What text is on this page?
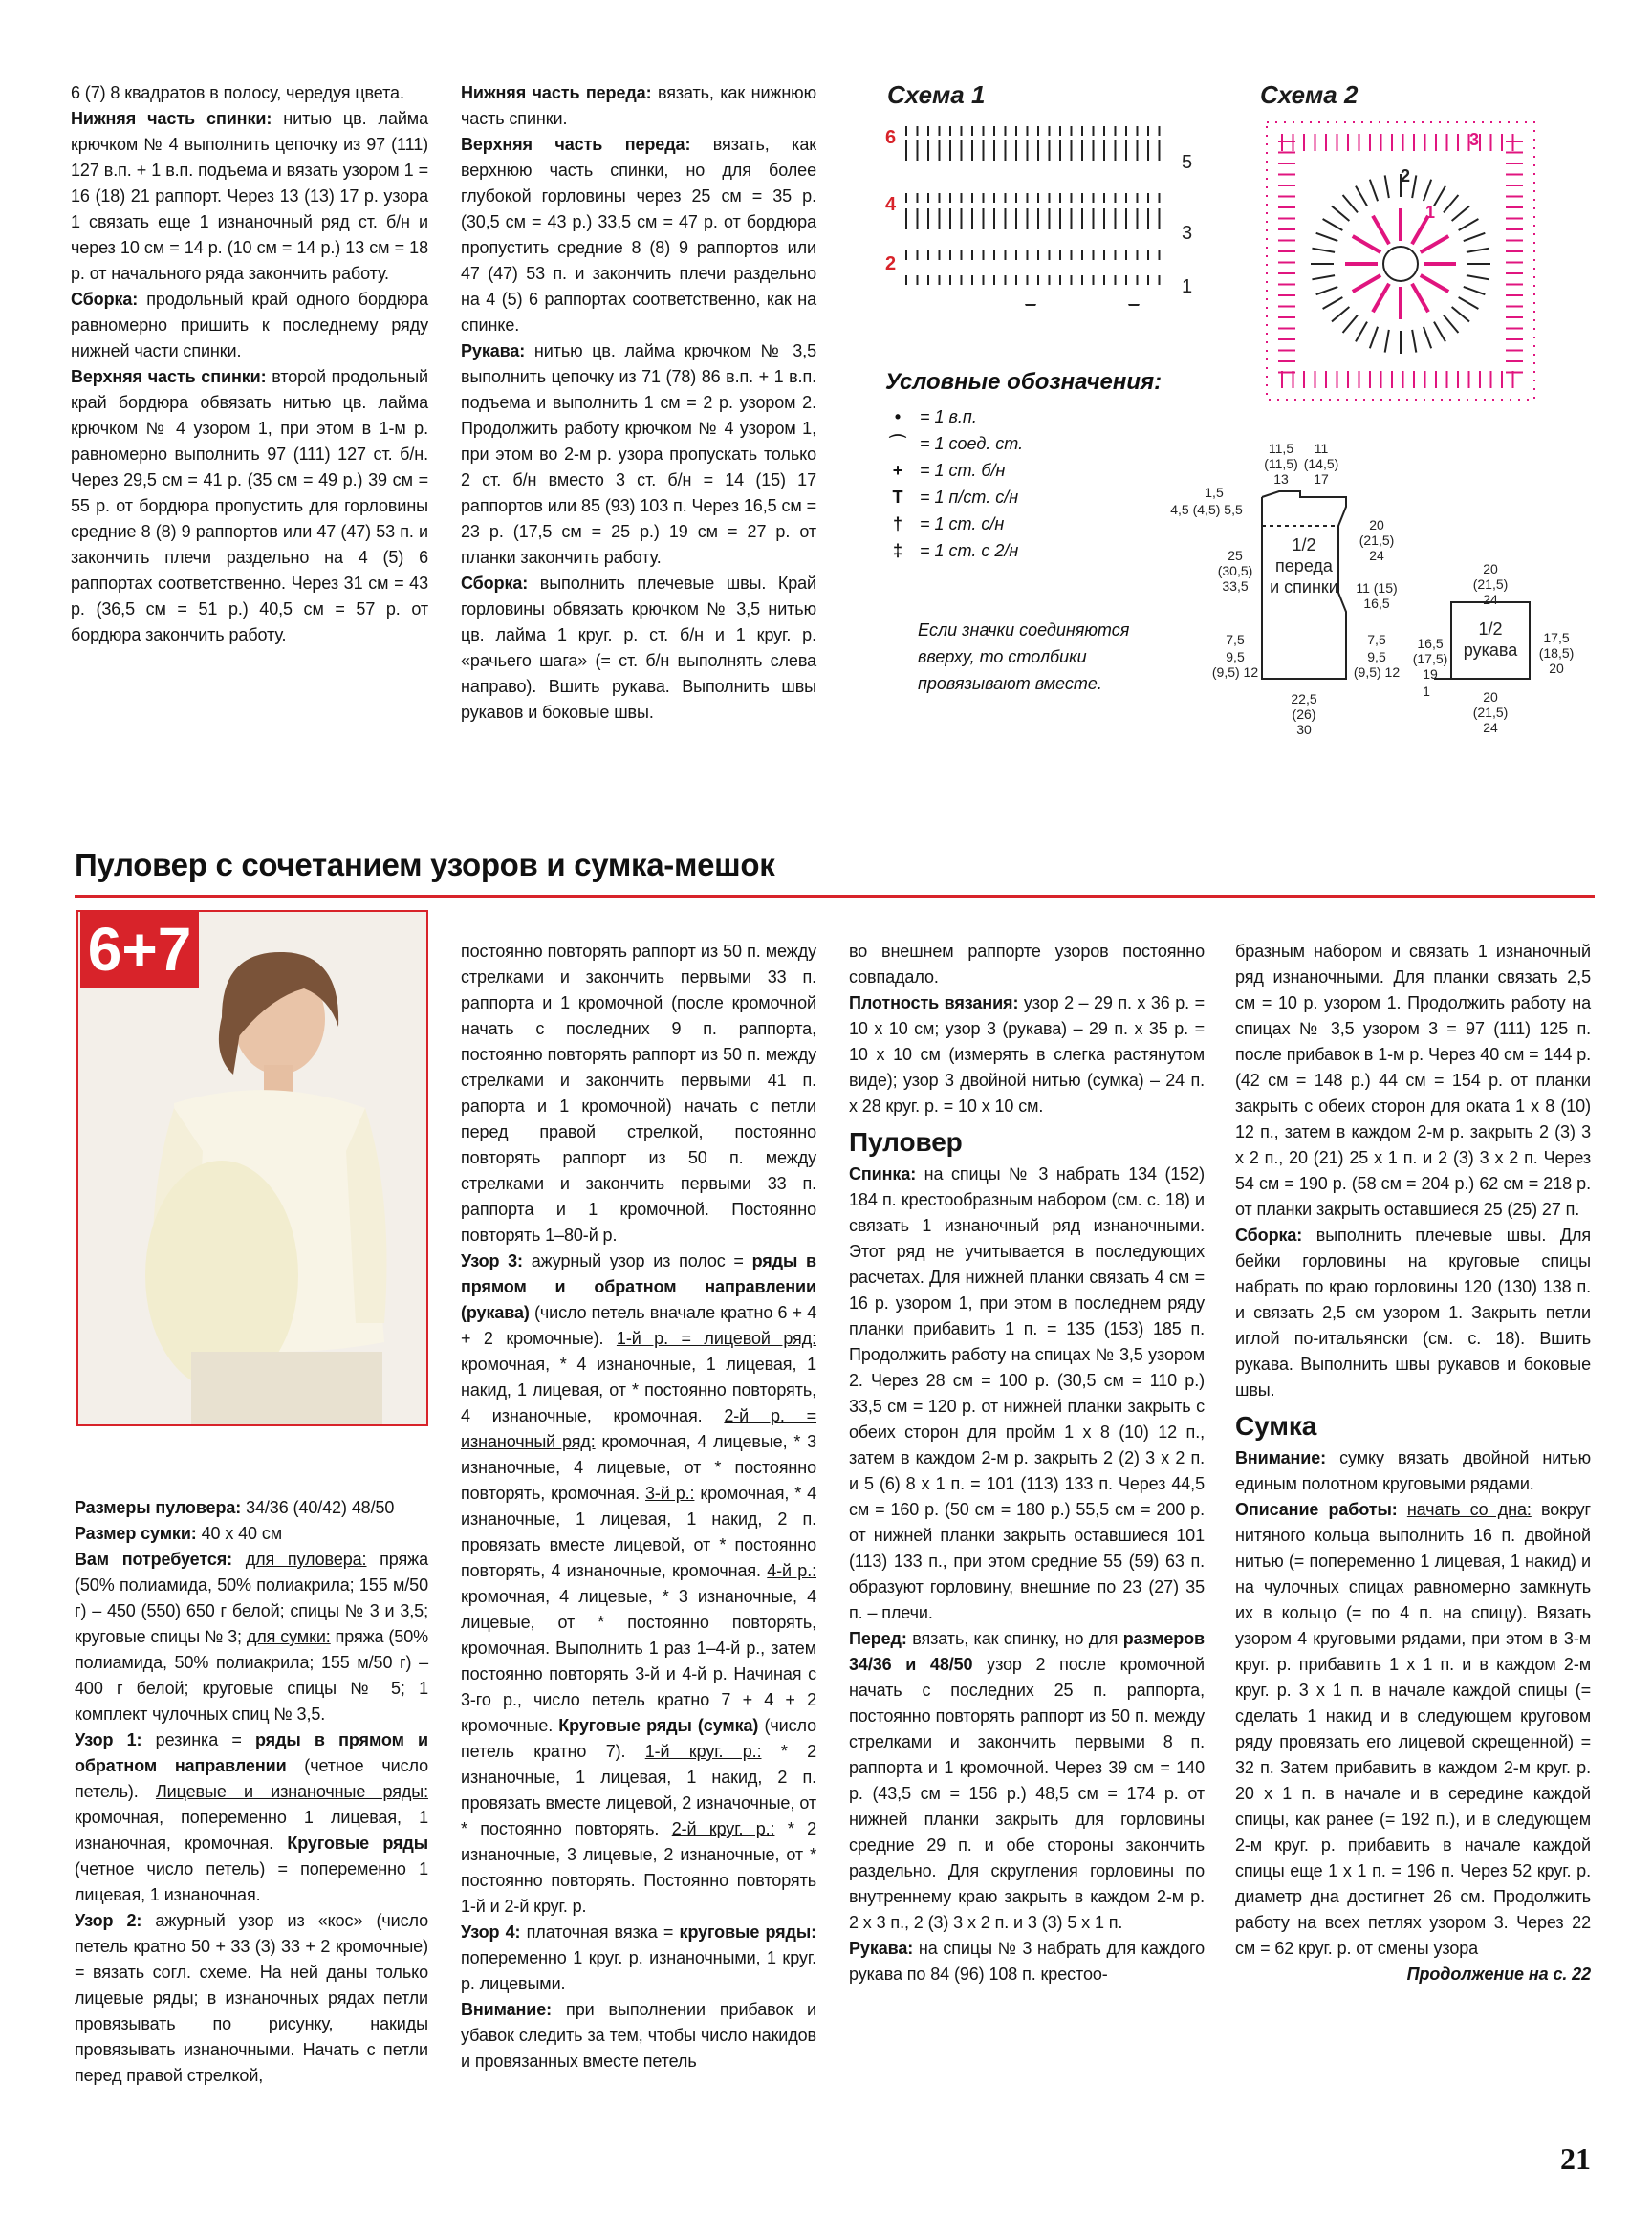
6 (7) 8 квадратов в полосу, чередуя цвета.

Нижняя часть спинки: нитью цв. лайма крючком № 4 выполнить цепочку из 97 (111) 127 в.п. + 1 в.п. подъема и вязать узором 1 = 16 (18) 21 раппорт. Через 13 (13) 17 р. узора 1 связать еще 1 изнаночный ряд ст. б/н и через 10 см = 14 р. (10 см = 14 р.) 13 см = 18 р. от начального ряда закончить работу.

Сборка: продольный край одного бордюра равномерно пришить к последнему ряду нижней части спинки.

Верхняя часть спинки: второй продольный край бордюра обвязать нитью цв. лайма крючком № 4 узором 1, при этом в 1-м р. равномерно выполнить 97 (111) 127 ст. б/н. Через 29,5 см = 41 р. (35 см = 49 р.) 39 см = 55 р. от бордюра пропустить для горловины средние 8 (8) 9 раппортов или 47 (47) 53 п. и закончить плечи раздельно на 4 (5) 6 раппортах соответственно. Через 31 см = 43 р. (36,5 см = 51 р.) 40,5 см = 57 р. от бордюра закончить работу.

Нижняя часть переда: вязать, как нижнюю часть спинки.

Верхняя часть переда: вязать, как верхнюю часть спинки, но для более глубокой горловины через 25 см = 35 р. (30,5 см = 43 р.) 33,5 см = 47 р. от бордюра пропустить средние 8 (8) 9 раппортов или 47 (47) 53 п. и закончить плечи раздельно на 4 (5) 6 раппортах соответственно, как на спинке.

Рукава: нитью цв. лайма крючком № 3,5 выполнить цепочку из 71 (78) 86 в.п. + 1 в.п. подъема и выполнить 1 см = 2 р. узором 2. Продолжить работу крючком № 4 узором 1, при этом во 2-м р. узора пропускать только 2 ст. б/н вместо 3 ст. б/н = 14 (15) 17 раппортов или 85 (93) 103 п. Через 16,5 см = 23 р. (17,5 см = 25 р.) 19 см = 27 р. от планки закончить работу.

Сборка: выполнить плечевые швы. Край горловины обвязать крючком № 3,5 нитью цв. лайма 1 круг. р. ст. б/н и 1 круг. р. «рачьего шага» (= ст. б/н выполнять слева направо). Вшить рукава. Выполнить швы рукавов и боковые швы.

Схема 1
6
4
2
5
3
1
Схема 2
1
2
3
Условные обозначения:
•	= 1 в.п.
⌒ = 1 соед. ст.
+ = 1 ст. б/н
T = 1 п/ст. с/н
†	= 1 ст. с/н
‡	= 1 ст. с 2/н
Если значки соединяются вверху, то столбики провязывают вместе.
1/2
переда
и спинки
1/2
рукава
11,5
(11,5)
13
11
(14,5)
17
1,5
4,5 (4,5) 5,5
20
(21,5)
24
25
(30,5)
33,5	11 (15)
16,5
7,5
9,5
(9,5) 12
7,5
9,5
(9,5) 12
22,5
(26)
30
20
(21,5)
24
16,5
(17,5)
19
1
17,5
(18,5)
20
20
(21,5)
24
Пуловер с сочетанием узоров и сумка-мешок
6+7

Размеры пуловера: 34/36 (40/42) 48/50

Размер сумки: 40 х 40 см

Вам потребуется: для пуловера: пряжа (50% полиамида, 50% полиакрила; 155 м/50 г) – 450 (550) 650 г белой; спицы № 3 и 3,5; круговые спицы № 3; для сумки: пряжа (50% полиамида, 50% полиакрила; 155 м/50 г) – 400 г белой; круговые спицы № 5; 1 комплект чулочных спиц № 3,5.

Узор 1: резинка = ряды в прямом и обратном направлении (четное число петель). Лицевые и изнаночные ряды: кромочная, попеременно 1 лицевая, 1 изнаночная, кромочная. Круговые ряды (четное число петель) = попеременно 1 лицевая, 1 изнаночная.

Узор 2: ажурный узор из «кос» (число петель кратно 50 + 33 (3) 33 + 2 кромочные) = вязать согл. схеме. На ней даны только лицевые ряды; в изнаночных рядах петли провязывать по рисунку, накиды провязывать изнаночными. Начать с петли перед правой стрелкой,

постоянно повторять раппорт из 50 п. между стрелками и закончить первыми 33 п. раппорта и 1 кромочной (после кромочной начать с последних 9 п. раппорта, постоянно повторять раппорт из 50 п. между стрелками и закончить первыми 41 п. рапорта и 1 кромочной) начать с петли перед правой стрелкой, постоянно повторять раппорт из 50 п. между стрелками и закончить первыми 33 п. раппорта и 1 кромочной. Постоянно повторять 1–80-й р.

Узор 3: ажурный узор из полос = ряды в прямом и обратном направлении (рукава) (число петель вначале кратно 6 + 4 + 2 кромочные). 1-й р. = лицевой ряд: кромочная, * 4 изнаночные, 1 лицевая, 1 накид, 1 лицевая, от * постоянно повторять, 4 изнаночные, кромочная. 2-й р. = изнаночный ряд: кромочная, 4 лицевые, * 3 изнаночные, 4 лицевые, от * постоянно повторять, кромочная. 3-й р.: кромочная, * 4 изнаночные, 1 лицевая, 1 накид, 2 п. провязать вместе лицевой, от * постоянно повторять, 4 изнаночные, кромочная. 4-й р.: кромочная, 4 лицевые, * 3 изнаночные, 4 лицевые, от * постоянно повторять, кромочная. Выполнить 1 раз 1–4-й р., затем постоянно повторять 3-й и 4-й р. Начиная с 3-го р., число петель кратно 7 + 4 + 2 кромочные. Круговые ряды (сумка) (число петель кратно 7). 1-й круг. р.: * 2 изнаночные, 1 лицевая, 1 накид, 2 п. провязать вместе лицевой, 2 изначочные, от * постоянно повторять. 2-й круг. р.: * 2 изнаночные, 3 лицевые, 2 изнаночные, от * постоянно повторять. Постоянно повторять 1-й и 2-й круг. р.

Узор 4: платочная вязка = круговые ряды: попеременно 1 круг. р. изнаночными, 1 круг. р. лицевыми.

Внимание: при выполнении прибавок и убавок следить за тем, чтобы число накидов и провязанных вместе петель

во внешнем раппорте узоров постоянно совпадало.

Плотность вязания: узор 2 – 29 п. х 36 р. = 10 х 10 см; узор 3 (рукава) – 29 п. х 35 р. = 10 х 10 см (измерять в слегка растянутом виде); узор 3 двойной нитью (сумка) – 24 п. х 28 круг. р. = 10 х 10 см.

Пуловер

Спинка: на спицы № 3 набрать 134 (152) 184 п. крестообразным набором (см. с. 18) и связать 1 изнаночный ряд изнаночными. Этот ряд не учитывается в последующих расчетах. Для нижней планки связать 4 см = 16 р. узором 1, при этом в последнем ряду планки прибавить 1 п. = 135 (153) 185 п. Продолжить работу на спицах № 3,5 узором 2. Через 28 см = 100 р. (30,5 см = 110 р.) 33,5 см = 120 р. от нижней планки закрыть с обеих сторон для пройм 1 х 8 (10) 12 п., затем в каждом 2-м р. закрыть 2 (2) 3 х 2 п. и 5 (6) 8 х 1 п. = 101 (113) 133 п. Через 44,5 см = 160 р. (50 см = 180 р.) 55,5 см = 200 р. от нижней планки закрыть оставшиеся 101 (113) 133 п., при этом средние 55 (59) 63 п. образуют горловину, внешние по 23 (27) 35 п. – плечи.

Перед: вязать, как спинку, но для размеров 34/36 и 48/50 узор 2 после кромочной начать с последних 25 п. раппорта, постоянно повторять раппорт из 50 п. между стрелками и закончить первыми 8 п. раппорта и 1 кромочной. Через 39 см = 140 р. (43,5 см = 156 р.) 48,5 см = 174 р. от нижней планки закрыть для горловины средние 29 п. и обе стороны закончить раздельно. Для скругления горловины по внутреннему краю закрыть в каждом 2-м р. 2 х 3 п., 2 (3) 3 х 2 п. и 3 (3) 5 х 1 п.

Рукава: на спицы № 3 набрать для каждого рукава по 84 (96) 108 п. крестоо-

бразным набором и связать 1 изнаночный ряд изнаночными. Для планки связать 2,5 см = 10 р. узором 1. Продолжить работу на спицах № 3,5 узором 3 = 97 (111) 125 п. после прибавок в 1-м р. Через 40 см = 144 р. (42 см = 148 р.) 44 см = 154 р. от планки закрыть с обеих сторон для оката 1 х 8 (10) 12 п., затем в каждом 2-м р. закрыть 2 (3) 3 х 2 п., 20 (21) 25 х 1 п. и 2 (3) 3 х 2 п. Через 54 см = 190 р. (58 см = 204 р.) 62 см = 218 р. от планки закрыть оставшиеся 25 (25) 27 п.

Сборка: выполнить плечевые швы. Для бейки горловины на круговые спицы набрать по краю горловины 120 (130) 138 п. и связать 2,5 см узором 1. Закрыть петли иглой по-итальянски (см. с. 18). Вшить рукава. Выполнить швы рукавов и боковые швы.

Сумка

Внимание: сумку вязать двойной нитью единым полотном круговыми рядами.

Описание работы: начать со дна: вокруг нитяного кольца выполнить 16 п. двойной нитью (= попеременно 1 лицевая, 1 накид) и на чулочных спицах равномерно замкнуть их в кольцо (= по 4 п. на спицу). Вязать узором 4 круговыми рядами, при этом в 3-м круг. р. прибавить 1 х 1 п. и в каждом 2-м круг. р. 3 х 1 п. в начале каждой спицы (= сделать 1 накид и в следующем круговом ряду провязать его лицевой скрещенной) = 32 п. Затем прибавить в каждом 2-м круг. р. 20 х 1 п. в начале и в середине каждой спицы, как ранее (= 192 п.), и в следующем 2-м круг. р. прибавить в начале каждой спицы еще 1 х 1 п. = 196 п. Через 52 круг. р. диаметр дна достигнет 26 см. Продолжить работу на всех петлях узором 3. Через 22 см = 62 круг. р. от смены узора

Продолжение на с. 22

21
